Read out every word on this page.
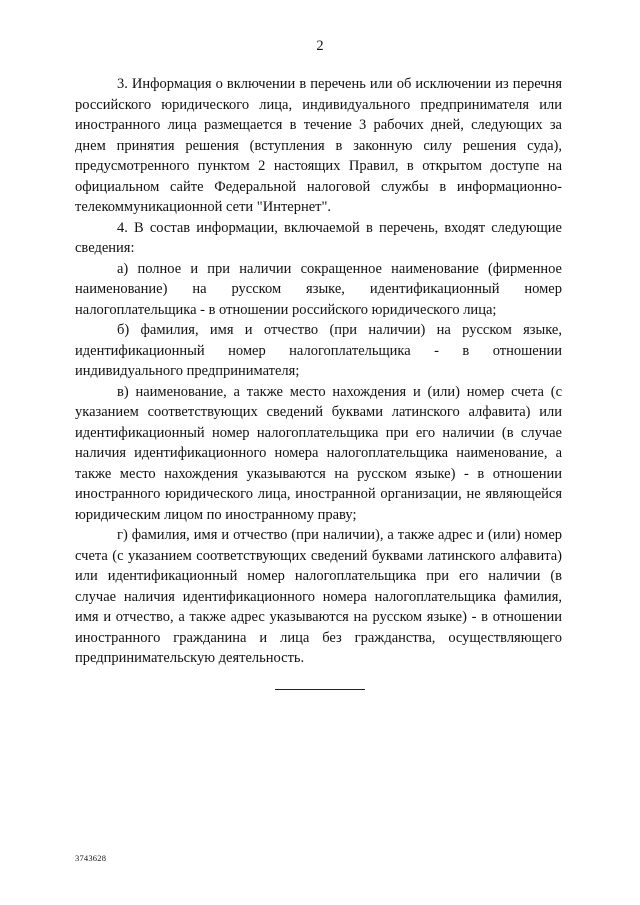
2

3. Информация о включении в перечень или об исключении из перечня российского юридического лица, индивидуального предпринимателя или иностранного лица размещается в течение 3 рабочих дней, следующих за днем принятия решения (вступления в законную силу решения суда), предусмотренного пунктом 2 настоящих Правил, в открытом доступе на официальном сайте Федеральной налоговой службы в информационно-телекоммуникационной сети "Интернет".

4. В состав информации, включаемой в перечень, входят следующие сведения:

а) полное и при наличии сокращенное наименование (фирменное наименование) на русском языке, идентификационный номер налогоплательщика - в отношении российского юридического лица;

б) фамилия, имя и отчество (при наличии) на русском языке, идентификационный номер налогоплательщика - в отношении индивидуального предпринимателя;

в) наименование, а также место нахождения и (или) номер счета (с указанием соответствующих сведений буквами латинского алфавита) или идентификационный номер налогоплательщика при его наличии (в случае наличия идентификационного номера налогоплательщика наименование, а также место нахождения указываются на русском языке) - в отношении иностранного юридического лица, иностранной организации, не являющейся юридическим лицом по иностранному праву;

г) фамилия, имя и отчество (при наличии), а также адрес и (или) номер счета (с указанием соответствующих сведений буквами латинского алфавита) или идентификационный номер налогоплательщика при его наличии (в случае наличия идентификационного номера налогоплательщика фамилия, имя и отчество, а также адрес указываются на русском языке) - в отношении иностранного гражданина и лица без гражданства, осуществляющего предпринимательскую деятельность.

3743628
